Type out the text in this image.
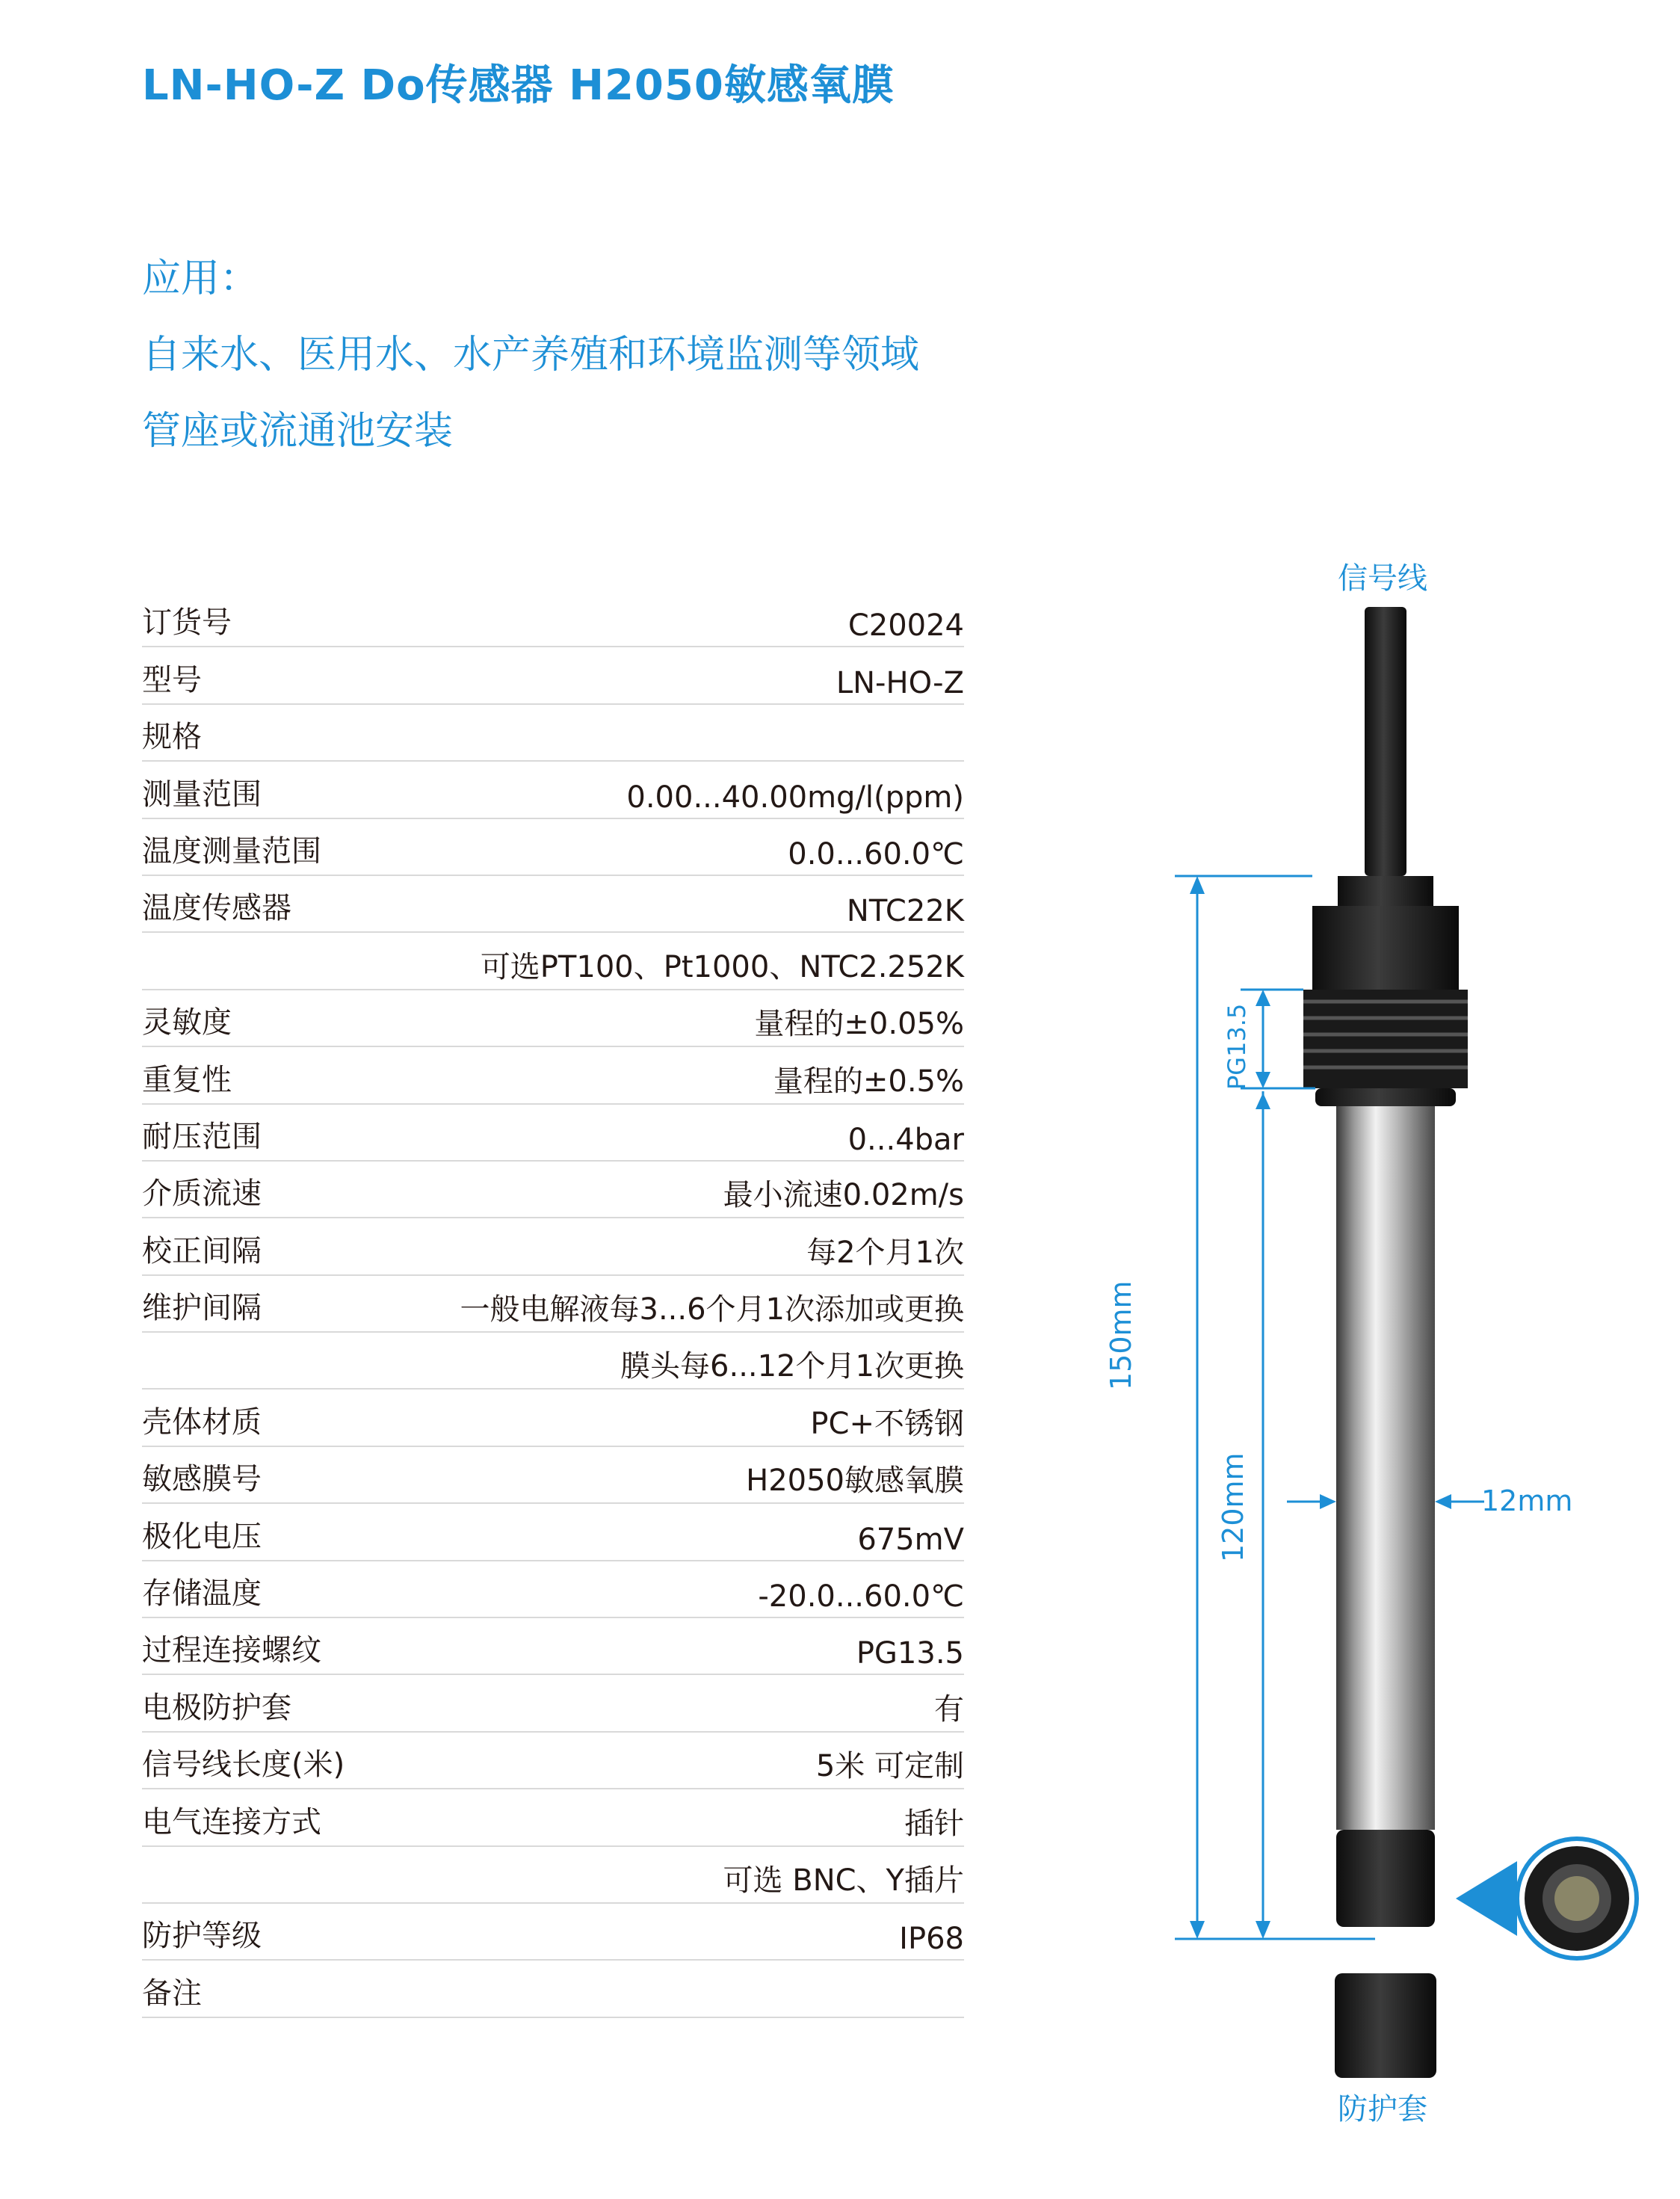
LN-HO-Z Do传感器 H2050敏感氧膜
应用：
自来水、医用水、水产养殖和环境监测等领域
管座或流通池安装
订货号	C20024
型号	LN-HO-Z
规格
测量范围	0.00...40.00mg/l(ppm)
温度测量范围	0.0...60.0℃
温度传感器	NTC22K
可选PT100、Pt1000、NTC2.252K
灵敏度	量程的±0.05%
重复性	量程的±0.5%
耐压范围	0...4bar
介质流速	最小流速0.02m/s
校正间隔	每2个月1次
维护间隔	一般电解液每3...6个月1次添加或更换
膜头每6...12个月1次更换
壳体材质	PC+不锈钢
敏感膜号	H2050敏感氧膜
极化电压	675mV
存储温度	-20.0...60.0℃
过程连接螺纹	PG13.5
电极防护套	有
信号线长度(米)	5米 可定制
电气连接方式	插针
可选 BNC、Y插片
防护等级	IP68
备注
信号线
防护套
12mm
150mm
120mm
PG13.5
